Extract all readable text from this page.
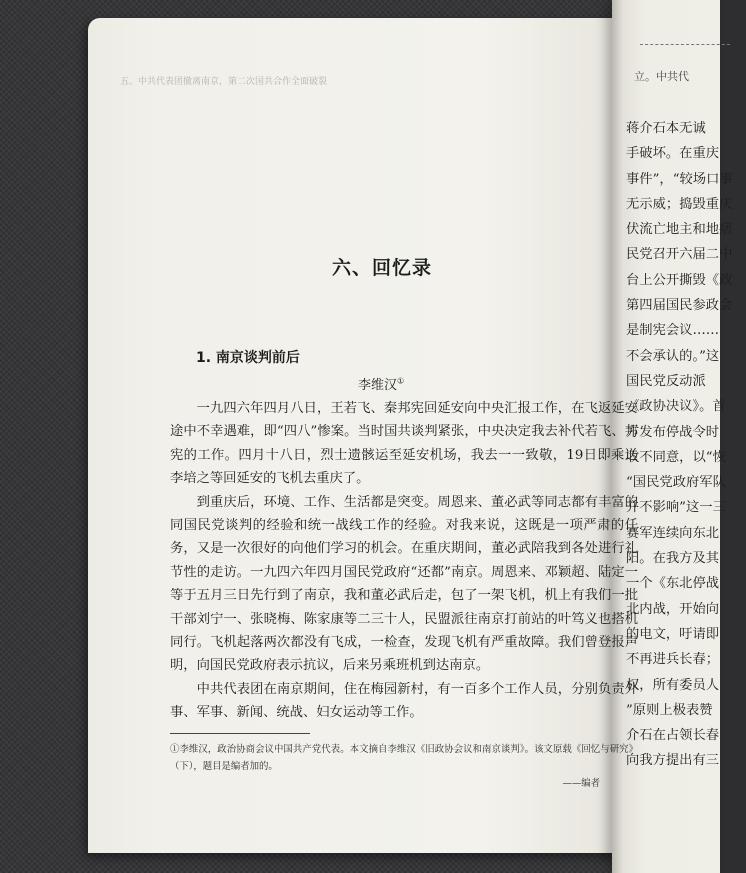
立。中共代
蒋介石本无诚
手破坏。在重庆
事件”，“较场口事
无示威；捣毁重庆
伏流亡地主和地痞
民党召开六届二中
台上公开撕毁《政
第四届国民参政会
是制宪会议……
不会承认的。”这
国民党反动派
《政协决议》。首
方发布停战令时
收不同意，以“恢
“国民党政府军队
并不影响”这一三
赛军连续向东北
阳。在我方及其
一个《东北停战
北内战，开始向
的电文，吁请即
不再进兵长春；
权，所有委员人
”原则上极表赞
介石在占领长春
向我方提出有三
五、中共代表团撤离南京，第二次国共合作全面破裂
六、回忆录
1. 南京谈判前后
李维汉①

一九四六年四月八日，王若飞、秦邦宪回延安向中央汇报工作，在飞返延安途中不幸遇难，即“四八”惨案。当时国共谈判紧张，中央决定我去补代若飞、邦宪的工作。四月十八日，烈士遗骸运至延安机场，我去一一致敬，19日即乘送李培之等回延安的飞机去重庆了。

到重庆后，环境、工作、生活都是突变。周恩来、董必武等同志都有丰富的同国民党谈判的经验和统一战线工作的经验。对我来说，这既是一项严肃的任务，又是一次很好的向他们学习的机会。在重庆期间，董必武陪我到各处进行礼节性的走访。一九四六年四月国民党政府“还都”南京。周恩来、邓颖超、陆定一等于五月三日先行到了南京，我和董必武后走，包了一架飞机，机上有我们一批干部刘宁一、张晓梅、陈家康等二三十人，民盟派往南京打前站的叶笃义也搭机同行。飞机起落两次都没有飞成，一检查，发现飞机有严重故障。我们曾登报声明，向国民党政府表示抗议，后来另乘班机到达南京。

中共代表团在南京期间，住在梅园新村，有一百多个工作人员，分别负责外事、军事、新闻、统战、妇女运动等工作。

①李维汉，政治协商会议中国共产党代表。本文摘自李维汉《旧政协会议和南京谈判》。该文原载《回忆与研究》（下），题目是编者加的。
——编者
